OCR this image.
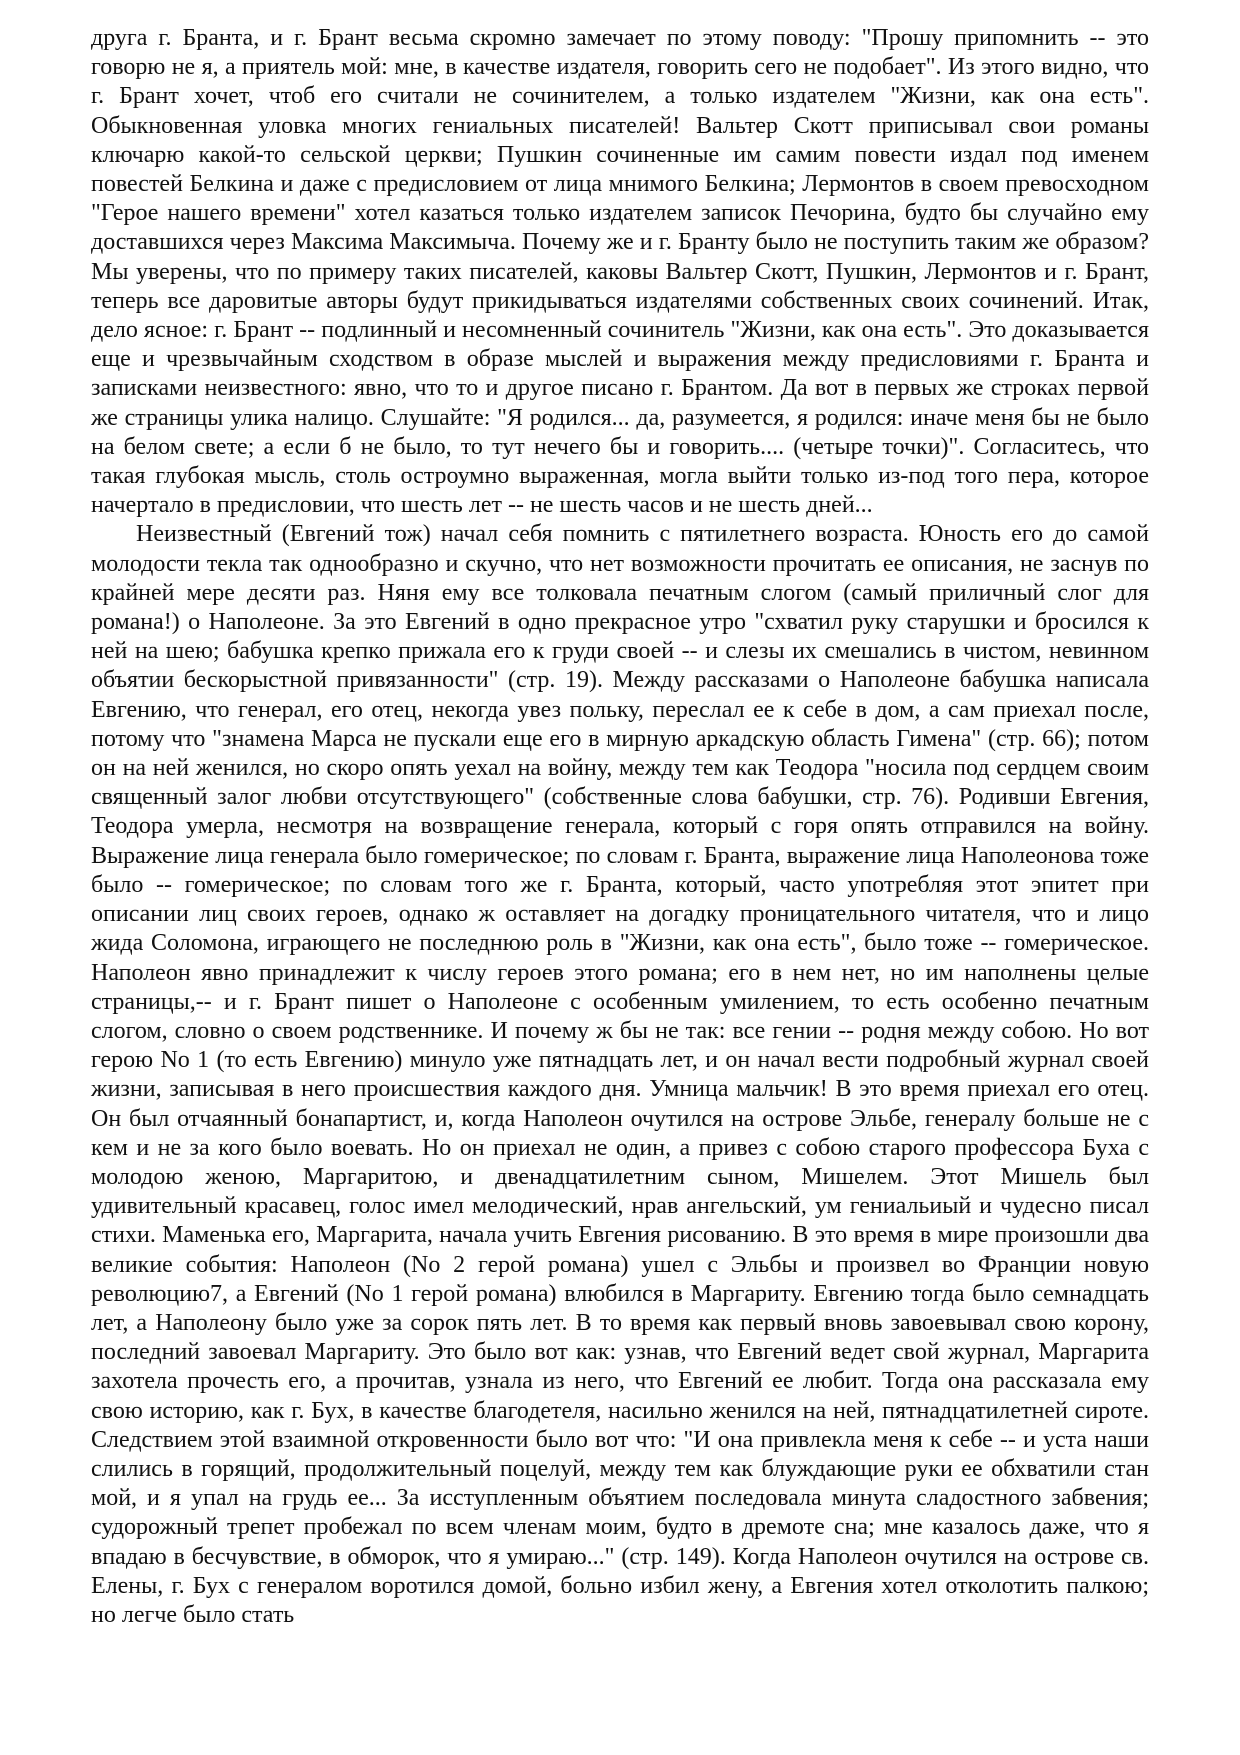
друга г. Бранта, и г. Брант весьма скромно замечает по этому поводу: "Прошу припомнить -- это говорю не я, а приятель мой: мне, в качестве издателя, говорить сего не подобает". Из этого видно, что г. Брант хочет, чтоб его считали не сочинителем, а только издателем "Жизни, как она есть". Обыкновенная уловка многих гениальных писателей! Вальтер Скотт приписывал свои романы ключарю какой-то сельской церкви; Пушкин сочиненные им самим повести издал под именем повестей Белкина и даже с предисловием от лица мнимого Белкина; Лермонтов в своем превосходном "Герое нашего времени" хотел казаться только издателем записок Печорина, будто бы случайно ему доставшихся через Максима Максимыча. Почему же и г. Бранту было не поступить таким же образом? Мы уверены, что по примеру таких писателей, каковы Вальтер Скотт, Пушкин, Лермонтов и г. Брант, теперь все даровитые авторы будут прикидываться издателями собственных своих сочинений. Итак, дело ясное: г. Брант -- подлинный и несомненный сочинитель "Жизни, как она есть". Это доказывается еще и чрезвычайным сходством в образе мыслей и выражения между предисловиями г. Бранта и записками неизвестного: явно, что то и другое писано г. Брантом. Да вот в первых же строках первой же страницы улика налицо. Слушайте: "Я родился... да, разумеется, я родился: иначе меня бы не было на белом свете; а если б не было, то тут нечего бы и говорить.... (четыре точки)". Согласитесь, что такая глубокая мысль, столь остроумно выраженная, могла выйти только из-под того пера, которое начертало в предисловии, что шесть лет -- не шесть часов и не шесть дней...

Неизвестный (Евгений тож) начал себя помнить с пятилетнего возраста. Юность его до самой молодости текла так однообразно и скучно, что нет возможности прочитать ее описания, не заснув по крайней мере десяти раз. Няня ему все толковала печатным слогом (самый приличный слог для романа!) о Наполеоне. За это Евгений в одно прекрасное утро "схватил руку старушки и бросился к ней на шею; бабушка крепко прижала его к груди своей -- и слезы их смешались в чистом, невинном объятии бескорыстной привязанности" (стр. 19). Между рассказами о Наполеоне бабушка написала Евгению, что генерал, его отец, некогда увез польку, переслал ее к себе в дом, а сам приехал после, потому что "знамена Марса не пускали еще его в мирную аркадскую область Гимена" (стр. 66); потом он на ней женился, но скоро опять уехал на войну, между тем как Теодора "носила под сердцем своим священный залог любви отсутствующего" (собственные слова бабушки, стр. 76). Родивши Евгения, Теодора умерла, несмотря на возвращение генерала, который с горя опять отправился на войну. Выражение лица генерала было гомерическое; по словам г. Бранта, выражение лица Наполеонова тоже было -- гомерическое; по словам того же г. Бранта, который, часто употребляя этот эпитет при описании лиц своих героев, однако ж оставляет на догадку проницательного читателя, что и лицо жида Соломона, играющего не последнюю роль в "Жизни, как она есть", было тоже -- гомерическое. Наполеон явно принадлежит к числу героев этого романа; его в нем нет, но им наполнены целые страницы,-- и г. Брант пишет о Наполеоне с особенным умилением, то есть особенно печатным слогом, словно о своем родственнике. И почему ж бы не так: все гении -- родня между собою. Но вот герою No 1 (то есть Евгению) минуло уже пятнадцать лет, и он начал вести подробный журнал своей жизни, записывая в него происшествия каждого дня. Умница мальчик! В это время приехал его отец. Он был отчаянный бонапартист, и, когда Наполеон очутился на острове Эльбе, генералу больше не с кем и не за кого было воевать. Но он приехал не один, а привез с собою старого профессора Буха с молодою женою, Маргаритою, и двенадцатилетним сыном, Мишелем. Этот Мишель был удивительный красавец, голос имел мелодический, нрав ангельский, ум гениальиый и чудесно писал стихи. Маменька его, Маргарита, начала учить Евгения рисованию. В это время в мире произошли два великие события: Наполеон (No 2 герой романа) ушел с Эльбы и произвел во Франции новую революцию7, а Евгений (No 1 герой романа) влюбился в Маргариту. Евгению тогда было семнадцать лет, а Наполеону было уже за сорок пять лет. В то время как первый вновь завоевывал свою корону, последний завоевал Маргариту. Это было вот как: узнав, что Евгений ведет свой журнал, Маргарита захотела прочесть его, а прочитав, узнала из него, что Евгений ее любит. Тогда она рассказала ему свою историю, как г. Бух, в качестве благодетеля, насильно женился на ней, пятнадцатилетней сироте. Следствием этой взаимной откровенности было вот что: "И она привлекла меня к себе -- и уста наши слились в горящий, продолжительный поцелуй, между тем как блуждающие руки ее обхватили стан мой, и я упал на грудь ее... За исступленным объятием последовала минута сладостного забвения; судорожный трепет пробежал по всем членам моим, будто в дремоте сна; мне казалось даже, что я впадаю в бесчувствие, в обморок, что я умираю..." (стр. 149). Когда Наполеон очутился на острове св. Елены, г. Бух с генералом воротился домой, больно избил жену, а Евгения хотел отколотить палкою; но легче было стать
